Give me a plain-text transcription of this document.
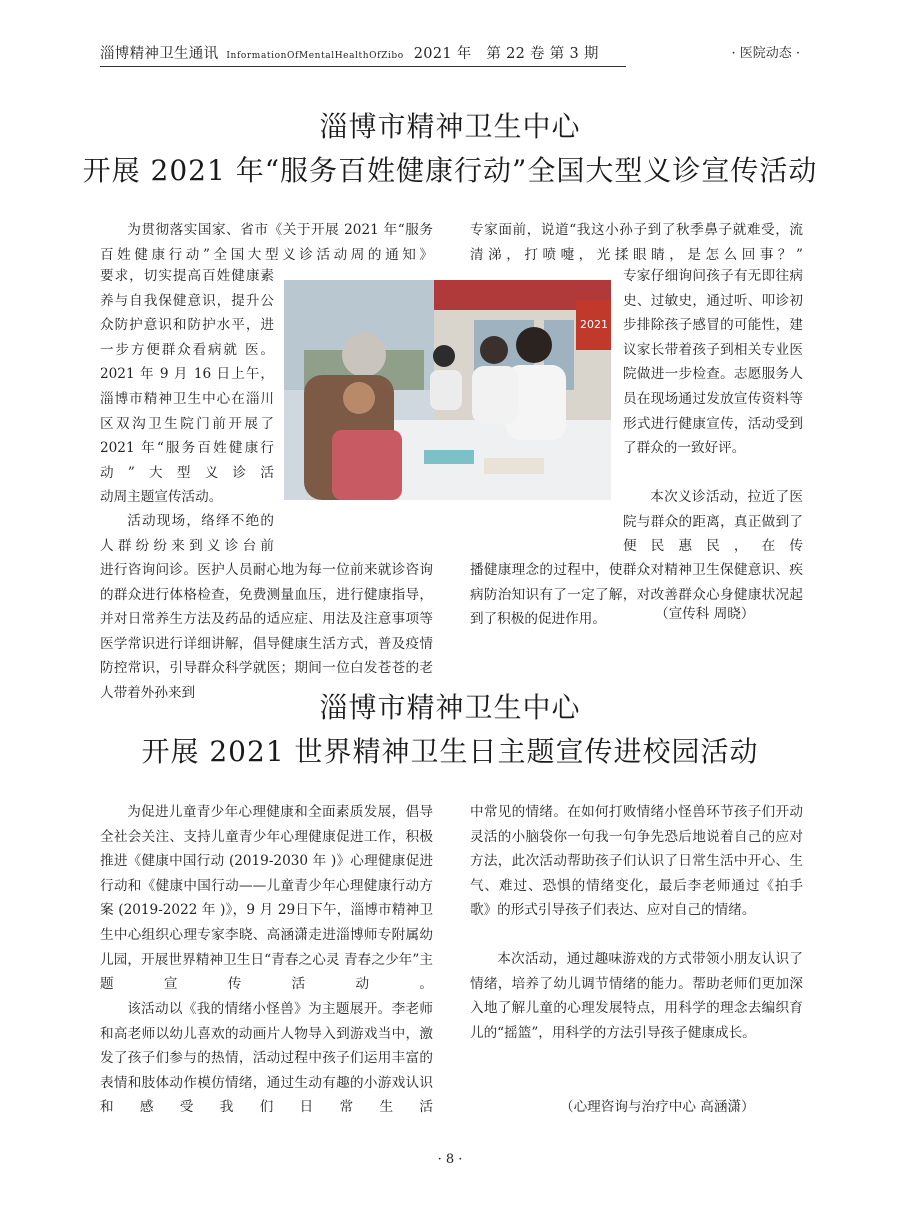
淄博精神卫生通讯 InformationOfMentalHealthOfZibo 2021 年　第 22 卷 第 3 期	· 医院动态 ·
淄博市精神卫生中心
开展 2021 年“服务百姓健康行动”全国大型义诊宣传活动

为贯彻落实国家、省市《关于开展 2021 年“服务百姓健康行动”全国大型义诊活动周的通知》

要求，切实提高百姓健康素养与自我保健意识，提升公众防护意识和防护水平，进一步方便群众看病就 医。2021 年 9 月 16 日上午，淄博市精神卫生中心在淄川区双沟卫生院门前开展了 2021 年“服务百姓健康行动”大型义诊活

动周主题宣传活动。

活动现场，络绎不绝的人群纷纷来到义诊台前

进行咨询问诊。医护人员耐心地为每一位前来就诊咨询的群众进行体格检查，免费测量血压，进行健康指导，并对日常养生方法及药品的适应症、用法及注意事项等医学常识进行详细讲解，倡导健康生活方式，普及疫情防控常识，引导群众科学就医；期间一位白发苍苍的老人带着外孙来到

2021

专家面前，说道“我这小孙子到了秋季鼻子就难受，流清涕，打喷嚏，光揉眼睛，是怎么回事？”

专家仔细询问孩子有无即往病史、过敏史，通过听、叩诊初步排除孩子感冒的可能性，建议家长带着孩子到相关专业医院做进一步检查。志愿服务人员在现场通过发放宣传资料等形式进行健康宣传，活动受到了群众的一致好评。

本次义诊活动，拉近了医院与群众的距离，真正做到了便民惠民，在传

播健康理念的过程中，使群众对精神卫生保健意识、疾病防治知识有了一定了解，对改善群众心身健康状况起到了积极的促进作用。	（宣传科 周晓）
淄博市精神卫生中心
开展 2021 世界精神卫生日主题宣传进校园活动

为促进儿童青少年心理健康和全面素质发展，倡导全社会关注、支持儿童青少年心理健康促进工作，积极推进《健康中国行动 (2019-2030 年 )》心理健康促进行动和《健康中国行动——儿童青少年心理健康行动方案 (2019-2022 年 )》，9 月 29日下午，淄博市精神卫生中心组织心理专家李晓、高涵潇走进淄博师专附属幼儿园，开展世界精神卫生日“青春之心灵 青春之少年”主题宣传活动。

该活动以《我的情绪小怪兽》为主题展开。李老师和高老师以幼儿喜欢的动画片人物导入到游戏当中，激发了孩子们参与的热情，活动过程中孩子们运用丰富的表情和肢体动作模仿情绪，通过生动有趣的小游戏认识和感受我们日常生活

中常见的情绪。在如何打败情绪小怪兽环节孩子们开动灵活的小脑袋你一句我一句争先恐后地说着自己的应对方法，此次活动帮助孩子们认识了日常生活中开心、生气、难过、恐惧的情绪变化，最后李老师通过《拍手歌》的形式引导孩子们表达、应对自己的情绪。

本次活动，通过趣味游戏的方式带领小朋友认识了情绪，培养了幼儿调节情绪的能力。帮助老师们更加深入地了解儿童的心理发展特点，用科学的理念去编织育儿的“摇篮”，用科学的方法引导孩子健康成长。

（心理咨询与治疗中心 高涵潇）
· 8 ·
